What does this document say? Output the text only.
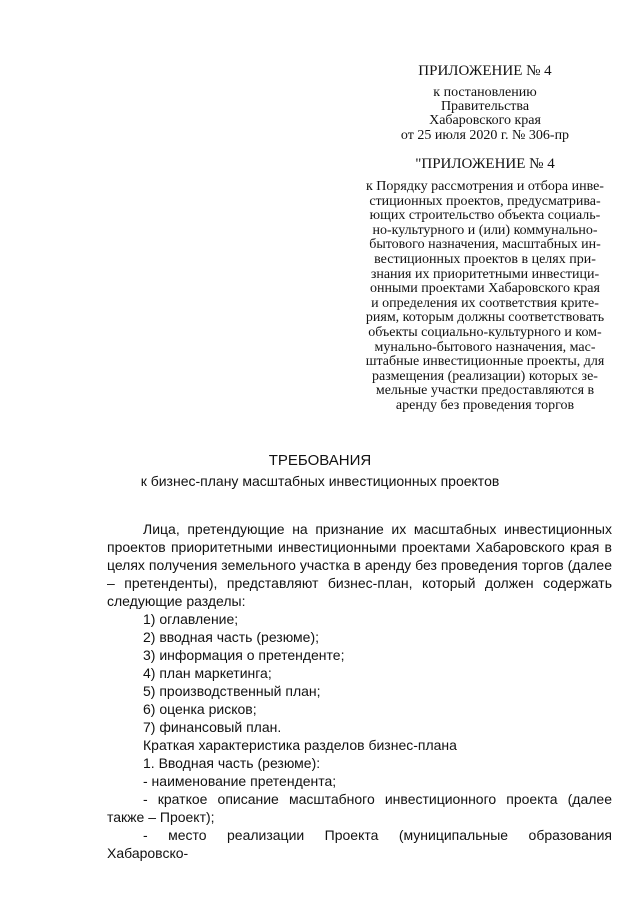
ПРИЛОЖЕНИЕ № 4
к постановлению
Правительства
Хабаровского края
от 25 июля 2020 г. № 306-пр
"ПРИЛОЖЕНИЕ № 4
к Порядку рассмотрения и отбора инве-
стиционных проектов, предусматрива-
ющих строительство объекта социаль-
но-культурного и (или) коммунально-
бытового назначения, масштабных ин-
вестиционных проектов в целях при-
знания их приоритетными инвестици-
онными проектами Хабаровского края
и определения их соответствия крите-
риям, которым должны соответствовать
объекты социально-культурного и ком-
мунально-бытового назначения, мас-
штабные инвестиционные проекты, для
размещения (реализации) которых зе-
мельные участки предоставляются в
аренду без проведения торгов
ТРЕБОВАНИЯ
к бизнес-плану масштабных инвестиционных проектов

Лица, претендующие на признание их масштабных инвестиционных проектов приоритетными инвестиционными проектами Хабаровского края в целях получения земельного участка в аренду без проведения торгов (далее – претенденты), представляют бизнес-план, который должен содержать следующие разделы:

1) оглавление;

2) вводная часть (резюме);

3) информация о претенденте;

4) план маркетинга;

5) производственный план;

6) оценка рисков;

7) финансовый план.

Краткая характеристика разделов бизнес-плана

1. Вводная часть (резюме):

- наименование претендента;

- краткое описание масштабного инвестиционного проекта (далее также – Проект);

- место реализации Проекта (муниципальные образования Хабаровско-
